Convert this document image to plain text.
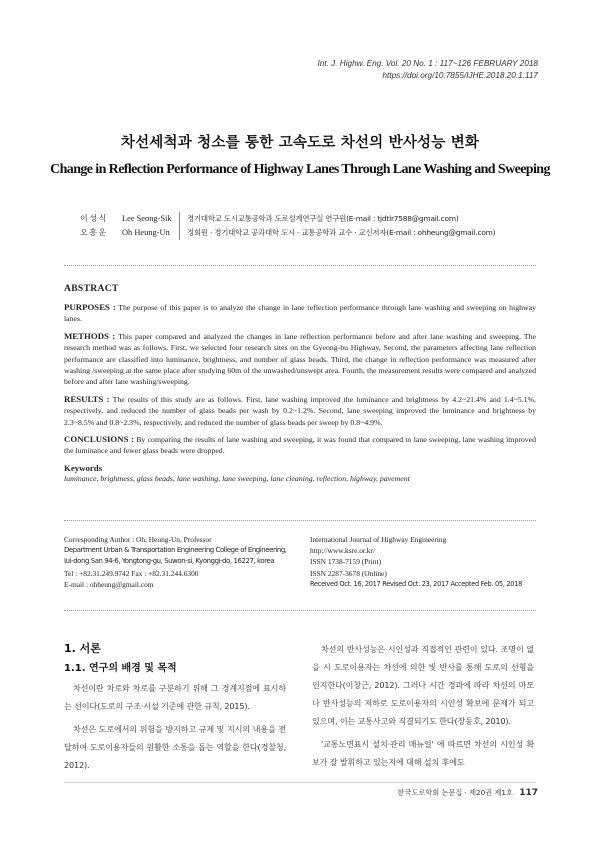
Int. J. Highw. Eng. Vol. 20 No. 1 : 117~126 FEBRUARY 2018
https://doi.org/10.7855/IJHE.2018.20.1.117
차선세척과 청소를 통한 고속도로 차선의 반사성능 변화
Change in Reflection Performance of Highway Lanes Through Lane Washing and Sweeping
이성식	Lee Seong-Sik
오흥운	Oh Heung-Un
경기대학교 도시교통공학과 도로설계연구실 연구원(E-mail : tjdtlr7588@gmail.com)
정회원 · 경기대학교 공과대학 도시 · 교통공학과 교수 · 교신저자(E-mail : ohheung@gmail.com)
ABSTRACT

PURPOSES : The purpose of this paper is to analyze the change in lane reflection performance through lane washing and sweeping on highway lanes.

METHODS : This paper compared and analyzed the changes in lane reflection performance before and after lane washing and sweeping. The research method was as follows. First, we selected four research sites on the Gyeong-bu Highway, Second, the parameters affecting lane reflection performance are classified into luminance, brightness, and number of glass beads. Third, the change in reflection performance was measured after washing /sweeping at the same place after studying 60m of the unwashed/unswept area. Fourth, the measurement results were compared and analyzed before and after lane washing/sweeping.

RESULTS : The results of this study are as follows. First, lane washing improved the luminance and brightness by 4.2~21.4% and 1.4~5.1%, respectively, and reduced the number of glass beads per wash by 0.2~1.2%. Second, lane sweeping improved the luminance and brightness by 2.3~8.5% and 0.8~2.3%, respectively, and reduced the number of glass beads per sweep by 0.8~4.9%.

CONCLUSIONS : By comparing the results of lane washing and sweeping, it was found that compared to lane sweeping, lane washing improved the luminance and fewer glass beads were dropped.

Keywords
luminance, brightness, glass beads, lane washing, lane sweeping, lane cleaning, reflection, highway, pavement
Corresponding Author : Oh, Heung-Un, Professor
Department Urban & Transportation Engineering College of Engineering,
Iui-dong San 94-6, Yongtong-gu, Suwon-si, Kyonggi-do, 16227, korea
Tel : +82.31.249.9742 Fax : +82.31.244.6300
E-mail : ohheung@gmail.com
International Journal of Highway Engineering
http://www.ksre.or.kr/
ISSN 1738-7159 (Print)
ISSN 2287-3678 (Online)
Received Oct. 16, 2017 Revised Oct. 23, 2017 Accepted Feb. 05, 2018
1. 서론
1.1. 연구의 배경 및 목적

차선이란 차로와 차로를 구분하기 위해 그 경계지점에 표시하는 선이다(도로의 구조·시설 기준에 관한 규칙, 2015).

차선은 도로에서의 위험을 방지하고 규제 및 지시의 내용을 전달하여 도로이용자들의 원활한 소통을 돕는 역할을 한다(경찰청, 2012).

차선의 반사성능은 시인성과 직접적인 관련이 있다. 조명이 없을 시 도로이용자는 차선에 의한 빛 반사를 통해 도로의 선형을 인지한다(이창근, 2012). 그러나 시간 경과에 따라 차선의 마모나 반사성능의 저하로 도로이용자의 시인성 확보에 문제가 되고 있으며, 이는 교통사고와 직결되기도 한다(장동호, 2010).

'교통노면표시 설치·관리 매뉴얼' 에 따르면 차선의 시인성 확보가 잘 발휘하고 있는지에 대해 설치 후에도

한국도로학회 논문집 · 제20권 제1호 117
